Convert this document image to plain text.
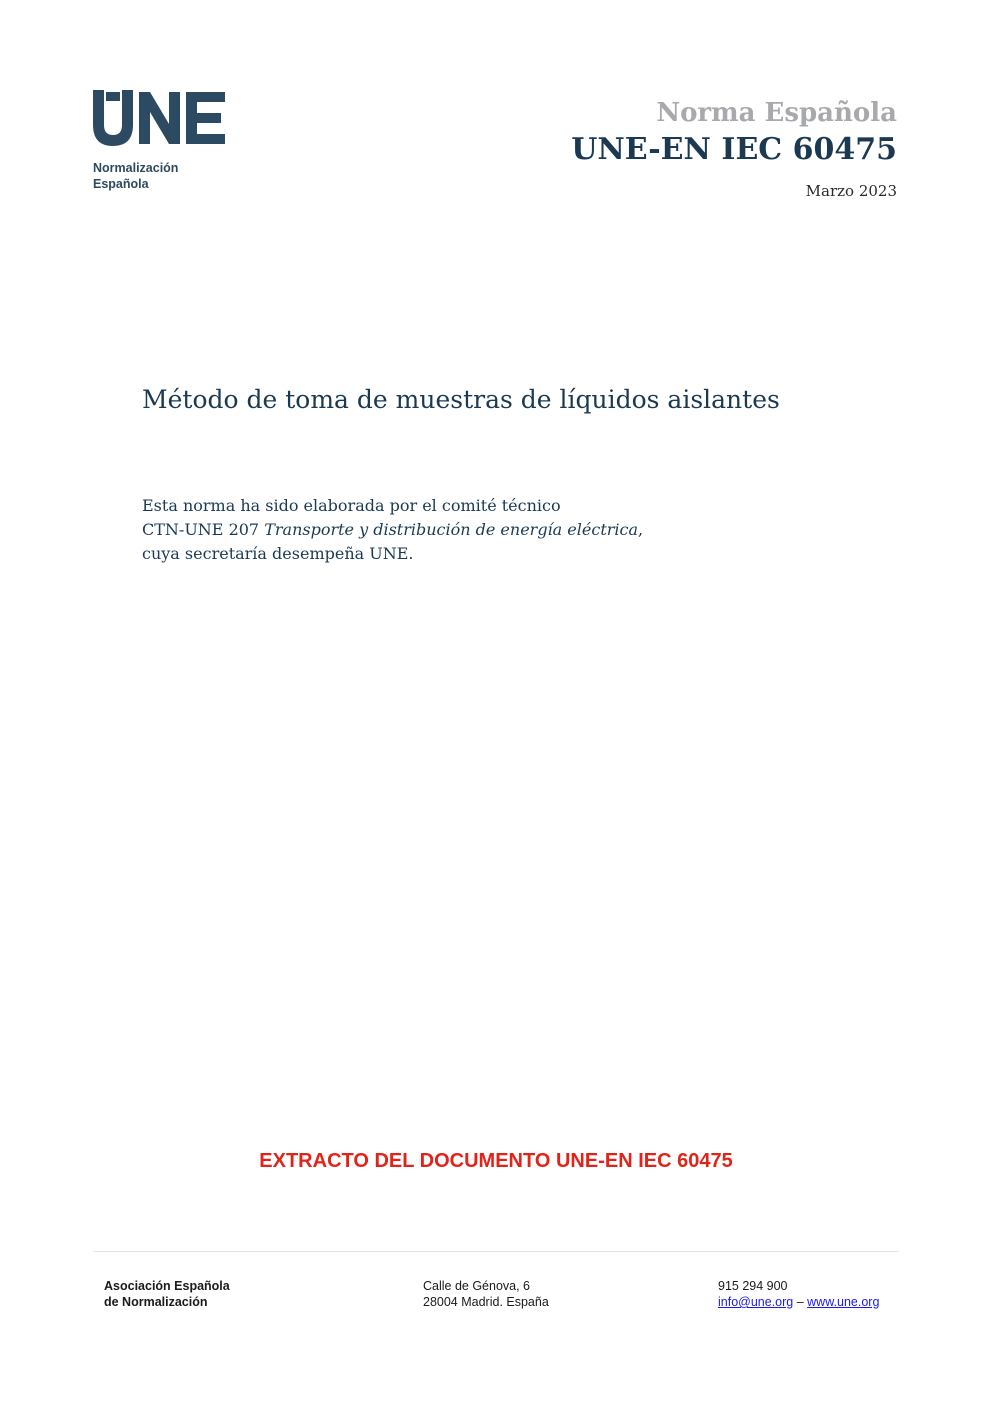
Normalización
Española
Norma Española
UNE-EN IEC 60475
Marzo 2023
Método de toma de muestras de líquidos aislantes
Esta norma ha sido elaborada por el comité técnico
CTN-UNE 207 Transporte y distribución de energía eléctrica,
cuya secretaría desempeña UNE.
EXTRACTO DEL DOCUMENTO UNE-EN IEC 60475
Asociación Española
de Normalización
Calle de Génova, 6
28004 Madrid. España
915 294 900
info@une.org – www.une.org
